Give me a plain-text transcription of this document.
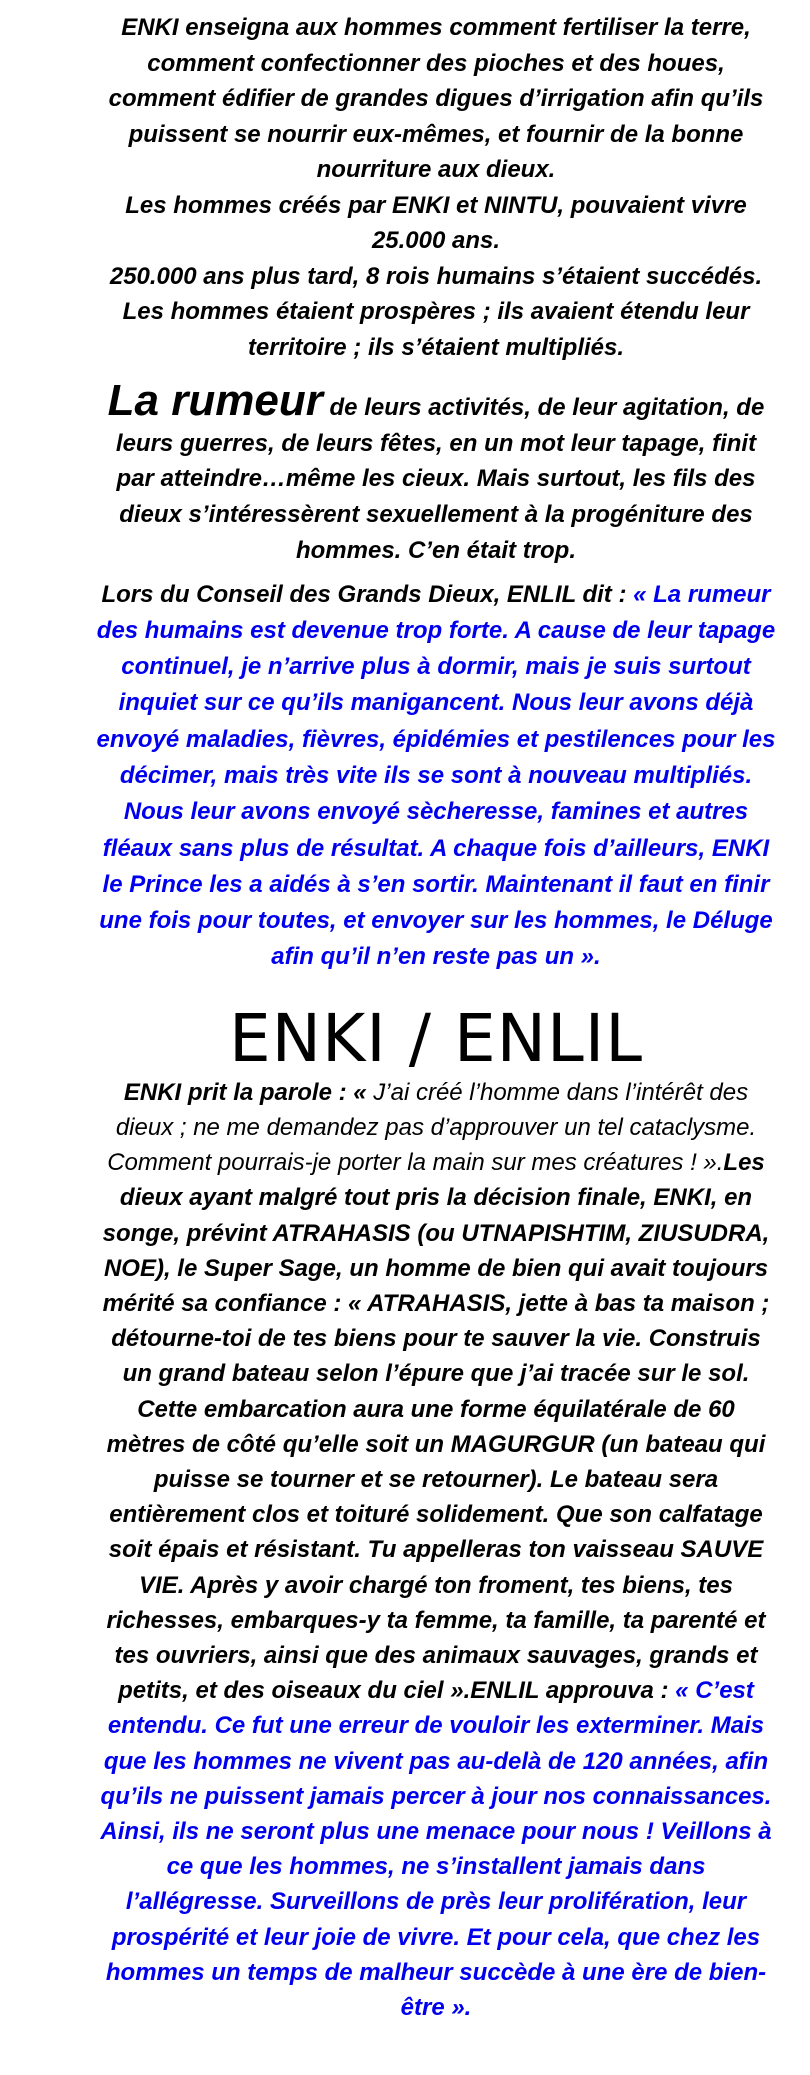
ENKI enseigna aux hommes comment fertiliser la terre,
comment confectionner des pioches et des houes,
comment édifier de grandes digues d’irrigation afin qu’ils
puissent se nourrir eux-mêmes, et fournir de la bonne
nourriture aux dieux.
Les hommes créés par ENKI et NINTU, pouvaient vivre
25.000 ans.
250.000 ans plus tard, 8 rois humains s’étaient succédés.
Les hommes étaient prospères ; ils avaient étendu leur
territoire ; ils s’étaient multipliés.

La rumeur de leurs activités, de leur agitation, de
leurs guerres, de leurs fêtes, en un mot leur tapage, finit
par atteindre…même les cieux. Mais surtout, les fils des
dieux s’intéressèrent sexuellement à la progéniture des
hommes. C’en était trop.

Lors du Conseil des Grands Dieux, ENLIL dit : « La rumeur
des humains est devenue trop forte. A cause de leur tapage
continuel, je n’arrive plus à dormir, mais je suis surtout
inquiet sur ce qu’ils manigancent. Nous leur avons déjà
envoyé maladies, fièvres, épidémies et pestilences pour les
décimer, mais très vite ils se sont à nouveau multipliés.
Nous leur avons envoyé sècheresse, famines et autres
fléaux sans plus de résultat. A chaque fois d’ailleurs, ENKI
le Prince les a aidés à s’en sortir. Maintenant il faut en finir
une fois pour toutes, et envoyer sur les hommes, le Déluge
afin qu’il n’en reste pas un ».

ENKI / ENLIL

ENKI prit la parole : « J’ai créé l’homme dans l’intérêt des
dieux ; ne me demandez pas d’approuver un tel cataclysme.
Comment pourrais-je porter la main sur mes créatures ! ».Les
dieux ayant malgré tout pris la décision finale, ENKI, en
songe, prévint ATRAHASIS (ou UTNAPISHTIM, ZIUSUDRA,
NOE), le Super Sage, un homme de bien qui avait toujours
mérité sa confiance : « ATRAHASIS, jette à bas ta maison ;
détourne-toi de tes biens pour te sauver la vie. Construis
un grand bateau selon l’épure que j’ai tracée sur le sol.
Cette embarcation aura une forme équilatérale de 60
mètres de côté qu’elle soit un MAGURGUR (un bateau qui
puisse se tourner et se retourner). Le bateau sera
entièrement clos et toituré solidement. Que son calfatage
soit épais et résistant. Tu appelleras ton vaisseau SAUVE
VIE. Après y avoir chargé ton froment, tes biens, tes
richesses, embarques-y ta femme, ta famille, ta parenté et
tes ouvriers, ainsi que des animaux sauvages, grands et
petits, et des oiseaux du ciel ».ENLIL approuva : « C’est
entendu. Ce fut une erreur de vouloir les exterminer. Mais
que les hommes ne vivent pas au-delà de 120 années, afin
qu’ils ne puissent jamais percer à jour nos connaissances.
Ainsi, ils ne seront plus une menace pour nous ! Veillons à
ce que les hommes, ne s’installent jamais dans
l’allégresse. Surveillons de près leur prolifération, leur
prospérité et leur joie de vivre. Et pour cela, que chez les
hommes un temps de malheur succède à une ère de bien-
être ».
